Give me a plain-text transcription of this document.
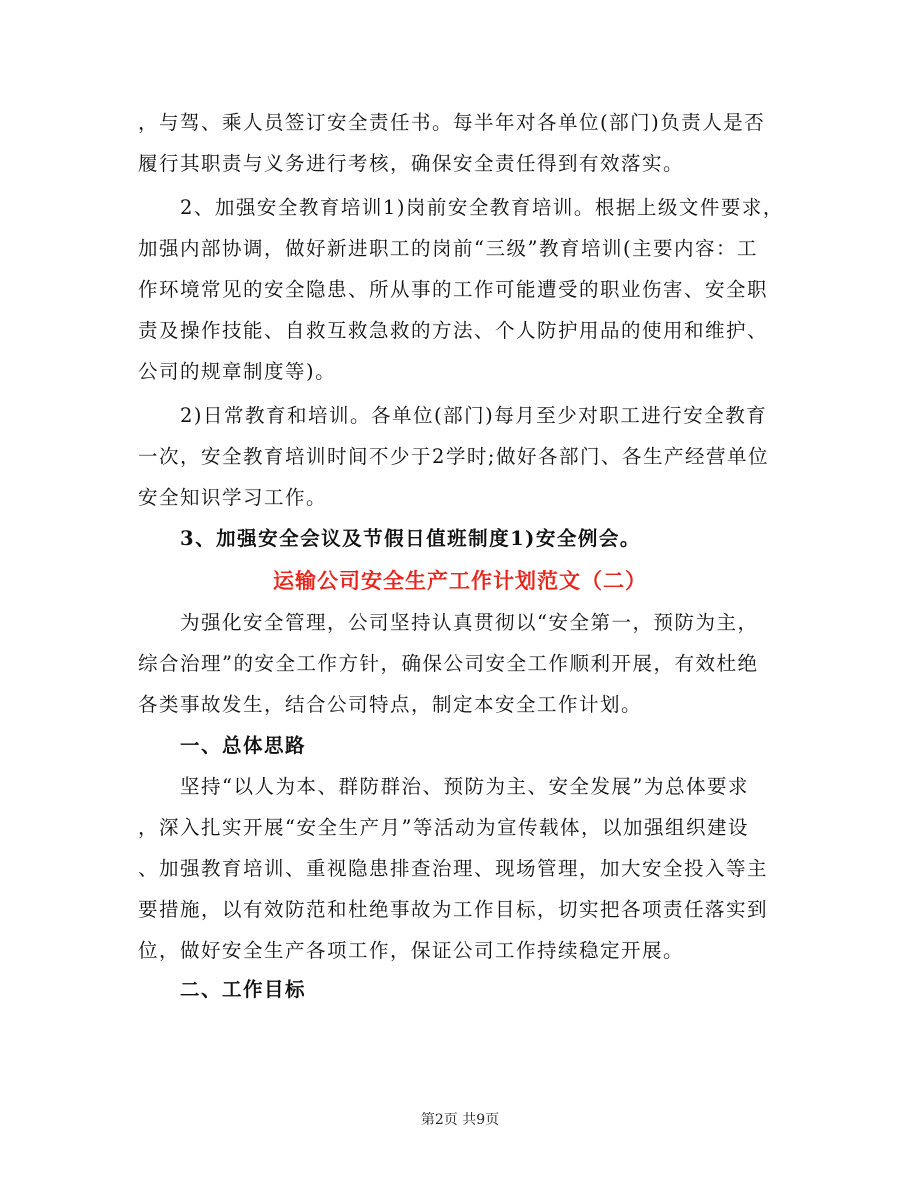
，与驾、乘人员签订安全责任书。每半年对各单位(部门)负责人是否
履行其职责与义务进行考核，确保安全责任得到有效落实。
2、加强安全教育培训1)岗前安全教育培训。根据上级文件要求，
加强内部协调，做好新进职工的岗前“三级”教育培训(主要内容：工
作环境常见的安全隐患、所从事的工作可能遭受的职业伤害、安全职
责及操作技能、自救互救急救的方法、个人防护用品的使用和维护、
公司的规章制度等)。
2)日常教育和培训。各单位(部门)每月至少对职工进行安全教育
一次，安全教育培训时间不少于2学时;做好各部门、各生产经营单位
安全知识学习工作。
3、加强安全会议及节假日值班制度1)安全例会。
运输公司安全生产工作计划范文（二）
为强化安全管理，公司坚持认真贯彻以“安全第一，预防为主，
综合治理”的安全工作方针，确保公司安全工作顺利开展，有效杜绝
各类事故发生，结合公司特点，制定本安全工作计划。
一、总体思路
坚持“以人为本、群防群治、预防为主、安全发展”为总体要求
，深入扎实开展“安全生产月”等活动为宣传载体，以加强组织建设
、加强教育培训、重视隐患排查治理、现场管理，加大安全投入等主
要措施，以有效防范和杜绝事故为工作目标，切实把各项责任落实到
位，做好安全生产各项工作，保证公司工作持续稳定开展。
二、工作目标
第2页 共9页
